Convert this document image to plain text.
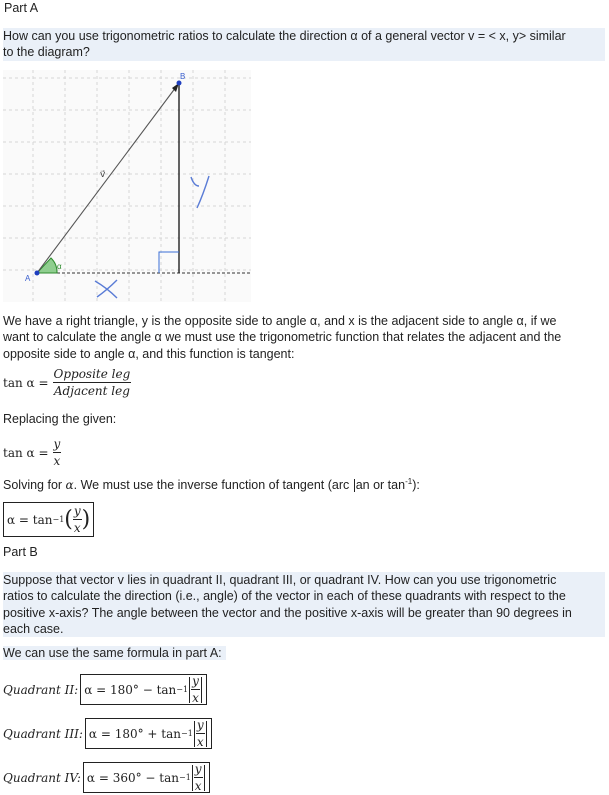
Part A
How can you use trigonometric ratios to calculate the direction α of a general vector v = < x, y> similar
to the diagram?
B
A
α
v⃗
We have a right triangle, y is the opposite side to angle α, and x is the adjacent side to angle α, if we
want to calculate the angle α we must use the trigonometric function that relates the adjacent and the
opposite side to angle α, and this function is tangent:
$\tan \alpha = \frac{\text{Opposite leg}}{\text{Adjacent leg}}$
Replacing the given:
$\tan \alpha = \frac{y}{x}$
Solving for α. We must use the inverse function of tangent (arc an or $\tan^{-1}$):
α = tan −1 ( $\frac{y}{x}$ )
Part B
Suppose that vector v lies in quadrant II, quadrant III, or quadrant IV. How can you use trigonometric
ratios to calculate the direction (i.e., angle) of the vector in each of these quadrants with respect to the
positive x-axis? The angle between the vector and the positive x-axis will be greater than 90 degrees in
each case.
We can use the same formula in part A:
Quadrant II: $\alpha = 180^\circ - \tan -1 \frac{y}{x}$
Quadrant III: $\alpha = 180^\circ + \tan -1 \frac{y}{x}$
Quadrant IV: $\alpha = 360^\circ - \tan -1 \frac{y}{x}$
